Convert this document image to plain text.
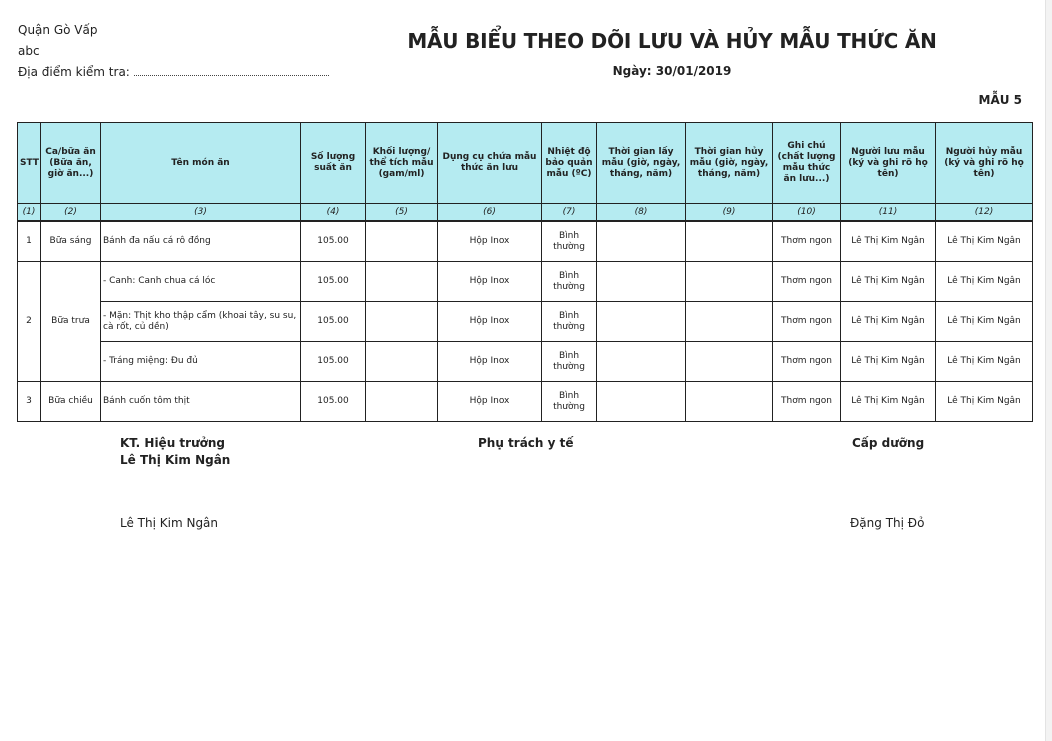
Quận Gò Vấp
abc
Địa điểm kiểm tra:
MẪU BIỂU THEO DÕI LƯU VÀ HỦY MẪU THỨC ĂN
Ngày: 30/01/2019
MẪU 5
STT	Ca/bữa ăn (Bữa ăn, giờ ăn...)	Tên món ăn	Số lượng suất ăn	Khối lượng/ thể tích mẫu (gam/ml)	Dụng cụ chứa mẫu thức ăn lưu	Nhiệt độ bảo quản mẫu (ºC)	Thời gian lấy mẫu (giờ, ngày, tháng, năm)	Thời gian hủy mẫu (giờ, ngày, tháng, năm)	Ghi chú (chất lượng mẫu thức ăn lưu...)	Người lưu mẫu (ký và ghi rõ họ tên)	Người hủy mẫu (ký và ghi rõ họ tên)
(1)	(2)	(3)	(4)	(5)	(6)	(7)	(8)	(9)	(10)	(11)	(12)
1	Bữa sáng	Bánh đa nấu cá rô đồng	105.00		Hộp Inox	Bình thường			Thơm ngon	Lê Thị Kim Ngân	Lê Thị Kim Ngân
2	Bữa trưa	- Canh: Canh chua cá lóc	105.00		Hộp Inox	Bình thường			Thơm ngon	Lê Thị Kim Ngân	Lê Thị Kim Ngân
		- Mặn: Thịt kho thập cẩm (khoai tây, su su, cà rốt, củ dền)	105.00		Hộp Inox	Bình thường			Thơm ngon	Lê Thị Kim Ngân	Lê Thị Kim Ngân
		- Tráng miệng: Đu đủ	105.00		Hộp Inox	Bình thường			Thơm ngon	Lê Thị Kim Ngân	Lê Thị Kim Ngân
3	Bữa chiều	Bánh cuốn tôm thịt	105.00		Hộp Inox	Bình thường			Thơm ngon	Lê Thị Kim Ngân	Lê Thị Kim Ngân
KT. Hiệu trưởng
Lê Thị Kim Ngân
Phụ trách y tế	Cấp dưỡng
Lê Thị Kim Ngân	Đặng Thị Đỏ
